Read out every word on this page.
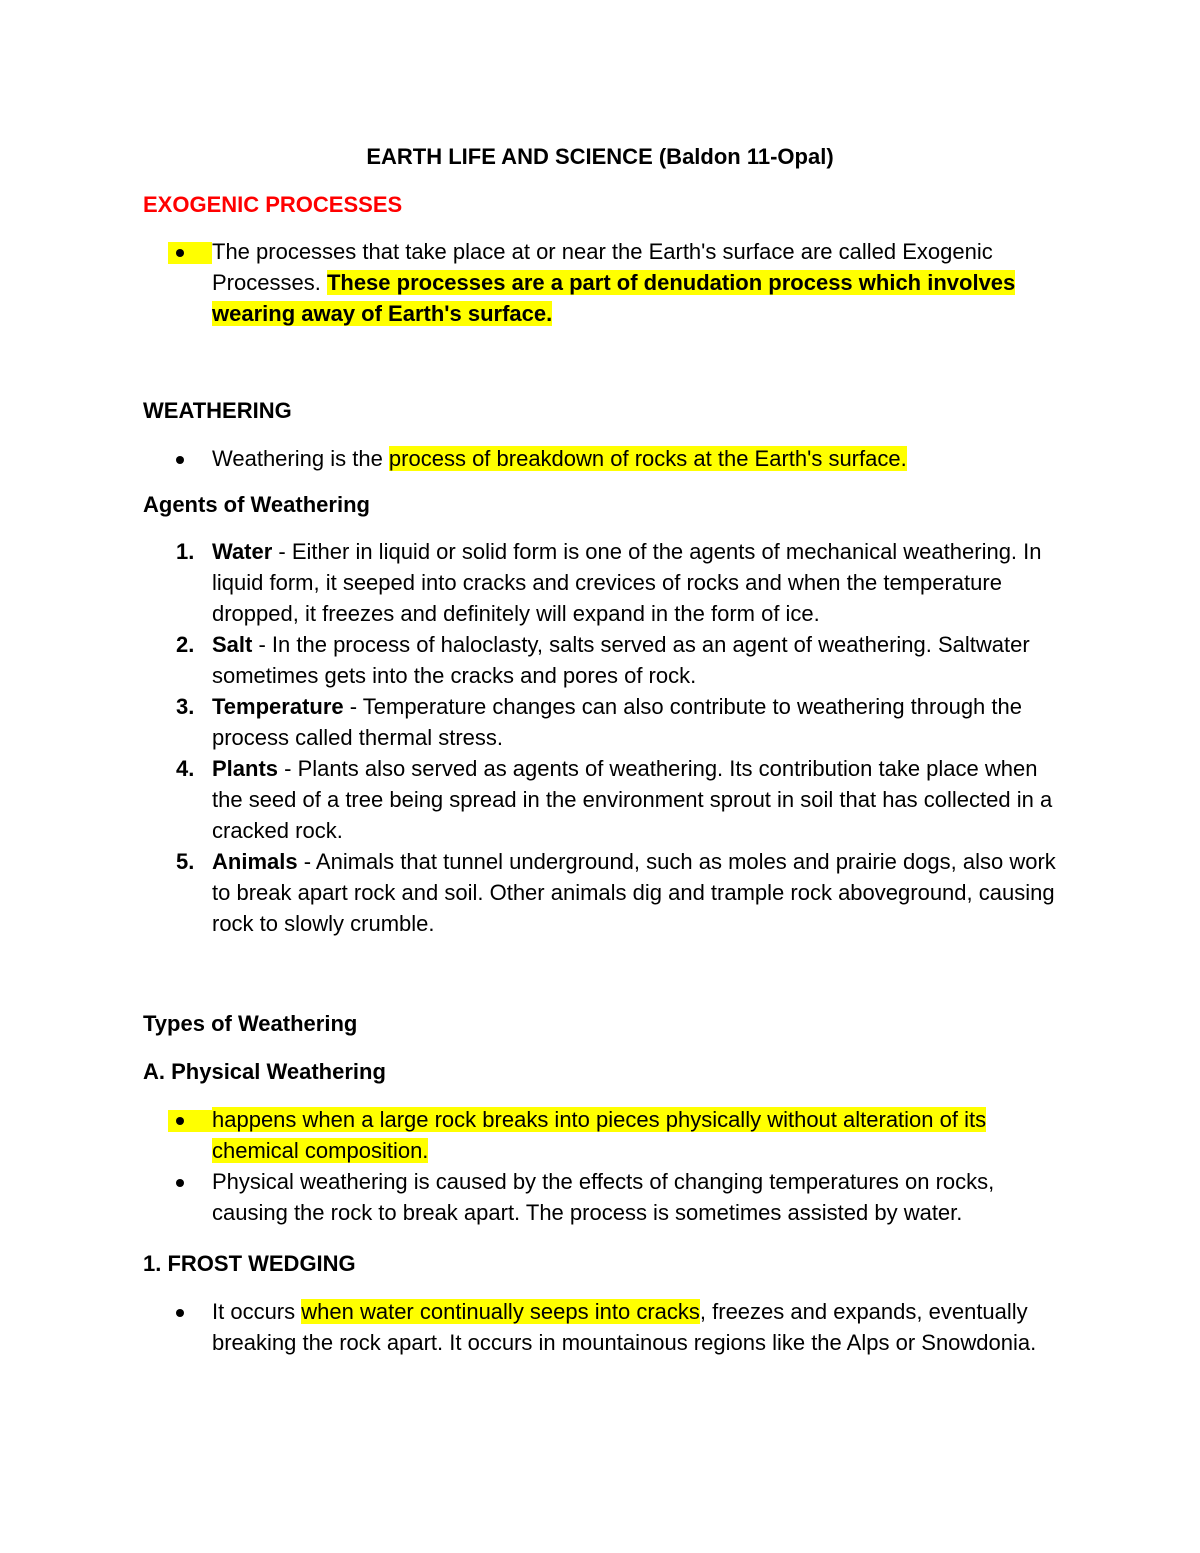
EARTH LIFE AND SCIENCE (Baldon 11-Opal)
EXOGENIC PROCESSES
The processes that take place at or near the Earth's surface are called Exogenic Processes. These processes are a part of denudation process which involves wearing away of Earth's surface.
WEATHERING
Weathering is the process of breakdown of rocks at the Earth's surface.
Agents of Weathering
1. Water - Either in liquid or solid form is one of the agents of mechanical weathering. In liquid form, it seeped into cracks and crevices of rocks and when the temperature dropped, it freezes and definitely will expand in the form of ice.
2. Salt - In the process of haloclasty, salts served as an agent of weathering. Saltwater sometimes gets into the cracks and pores of rock.
3. Temperature - Temperature changes can also contribute to weathering through the process called thermal stress.
4. Plants - Plants also served as agents of weathering. Its contribution take place when the seed of a tree being spread in the environment sprout in soil that has collected in a cracked rock.
5. Animals - Animals that tunnel underground, such as moles and prairie dogs, also work to break apart rock and soil. Other animals dig and trample rock aboveground, causing rock to slowly crumble.
Types of Weathering
A. Physical Weathering
happens when a large rock breaks into pieces physically without alteration of its chemical composition.
Physical weathering is caused by the effects of changing temperatures on rocks, causing the rock to break apart. The process is sometimes assisted by water.
1. FROST WEDGING
It occurs when water continually seeps into cracks, freezes and expands, eventually breaking the rock apart. It occurs in mountainous regions like the Alps or Snowdonia.
